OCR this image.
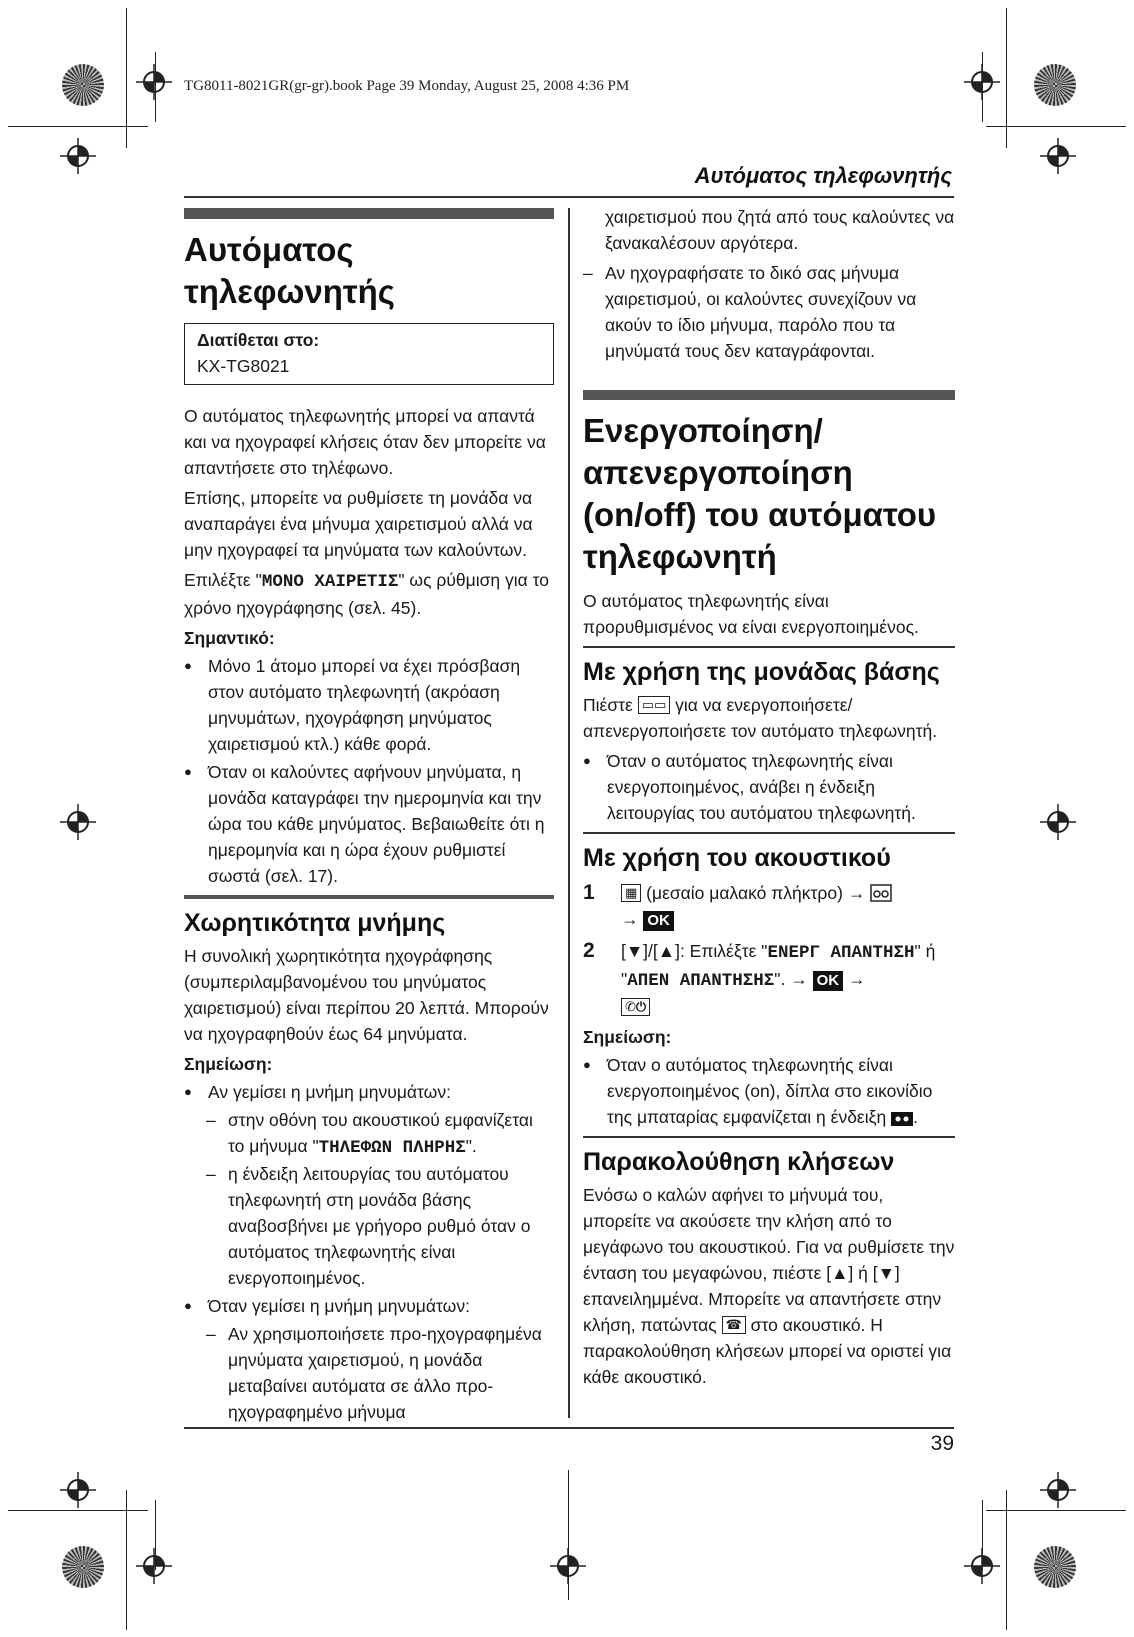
TG8011-8021GR(gr-gr).book Page 39 Monday, August 25, 2008 4:36 PM
Αυτόματος τηλεφωνητής
39
Αυτόματος τηλεφωνητής
Διατίθεται στο:
KX-TG8021

Ο αυτόματος τηλεφωνητής μπορεί να απαντά και να ηχογραφεί κλήσεις όταν δεν μπορείτε να απαντήσετε στο τηλέφωνο.

Επίσης, μπορείτε να ρυθμίσετε τη μονάδα να αναπαράγει ένα μήνυμα χαιρετισμού αλλά να μην ηχογραφεί τα μηνύματα των καλούντων.

Επιλέξτε "ΜΟΝΟ ΧΑΙΡΕΤΙΣ" ως ρύθμιση για το χρόνο ηχογράφησης (σελ. 45).

Σημαντικό:
● Μόνο 1 άτομο μπορεί να έχει πρόσβαση στον αυτόματο τηλεφωνητή (ακρόαση μηνυμάτων, ηχογράφηση μηνύματος χαιρετισμού κτλ.) κάθε φορά.
● Όταν οι καλούντες αφήνουν μηνύματα, η μονάδα καταγράφει την ημερομηνία και την ώρα του κάθε μηνύματος. Βεβαιωθείτε ότι η ημερομηνία και η ώρα έχουν ρυθμιστεί σωστά (σελ. 17).
Χωρητικότητα μνήμης

Η συνολική χωρητικότητα ηχογράφησης (συμπεριλαμβανομένου του μηνύματος χαιρετισμού) είναι περίπου 20 λεπτά. Μπορούν να ηχογραφηθούν έως 64 μηνύματα.

Σημείωση:
● Αν γεμίσει η μνήμη μηνυμάτων:
– στην οθόνη του ακουστικού εμφανίζεται το μήνυμα "ΤΗΛΕΦΩΝ ΠΛΗΡΗΣ".
– η ένδειξη λειτουργίας του αυτόματου τηλεφωνητή στη μονάδα βάσης αναβοσβήνει με γρήγορο ρυθμό όταν ο αυτόματος τηλεφωνητής είναι ενεργοποιημένος.
● Όταν γεμίσει η μνήμη μηνυμάτων:
– Αν χρησιμοποιήσετε προ-ηχογραφημένα μηνύματα χαιρετισμού, η μονάδα μεταβαίνει αυτόματα σε άλλο προ-ηχογραφημένο μήνυμα

χαιρετισμού που ζητά από τους καλούντες να ξανακαλέσουν αργότερα.

– Αν ηχογραφήσατε το δικό σας μήνυμα χαιρετισμού, οι καλούντες συνεχίζουν να ακούν το ίδιο μήνυμα, παρόλο που τα μηνύματά τους δεν καταγράφονται.
Ενεργοποίηση/ απενεργοποίηση (on/off) του αυτόματου τηλεφωνητή

Ο αυτόματος τηλεφωνητής είναι προρυθμισμένος να είναι ενεργοποιημένος.

Με χρήση της μονάδας βάσης

Πιέστε ▭▭ για να ενεργοποιήσετε/ απενεργοποιήσετε τον αυτόματο τηλεφωνητή.

● Όταν ο αυτόματος τηλεφωνητής είναι ενεργοποιημένος, ανάβει η ένδειξη λειτουργίας του αυτόματου τηλεφωνητή.
Με χρήση του ακουστικού
1 ▦ (μεσαίο μαλακό πλήκτρο) →
→ OK
2 [▼]/[▲]: Επιλέξτε "ΕΝΕΡΓ ΑΠΑΝΤΗΣΗ" ή "ΑΠΕΝ ΑΠΑΝΤΗΣΗΣ". → OK →
✆⏻
Σημείωση:
● Όταν ο αυτόματος τηλεφωνητής είναι ενεργοποιημένος (on), δίπλα στο εικονίδιο της μπαταρίας εμφανίζεται η ένδειξη .
Παρακολούθηση κλήσεων

Ενόσω ο καλών αφήνει το μήνυμά του, μπορείτε να ακούσετε την κλήση από το μεγάφωνο του ακουστικού. Για να ρυθμίσετε την ένταση του μεγαφώνου, πιέστε [▲] ή [▼] επανειλημμένα. Μπορείτε να απαντήσετε στην κλήση, πατώντας ☎ στο ακουστικό. Η παρακολούθηση κλήσεων μπορεί να οριστεί για κάθε ακουστικό.
